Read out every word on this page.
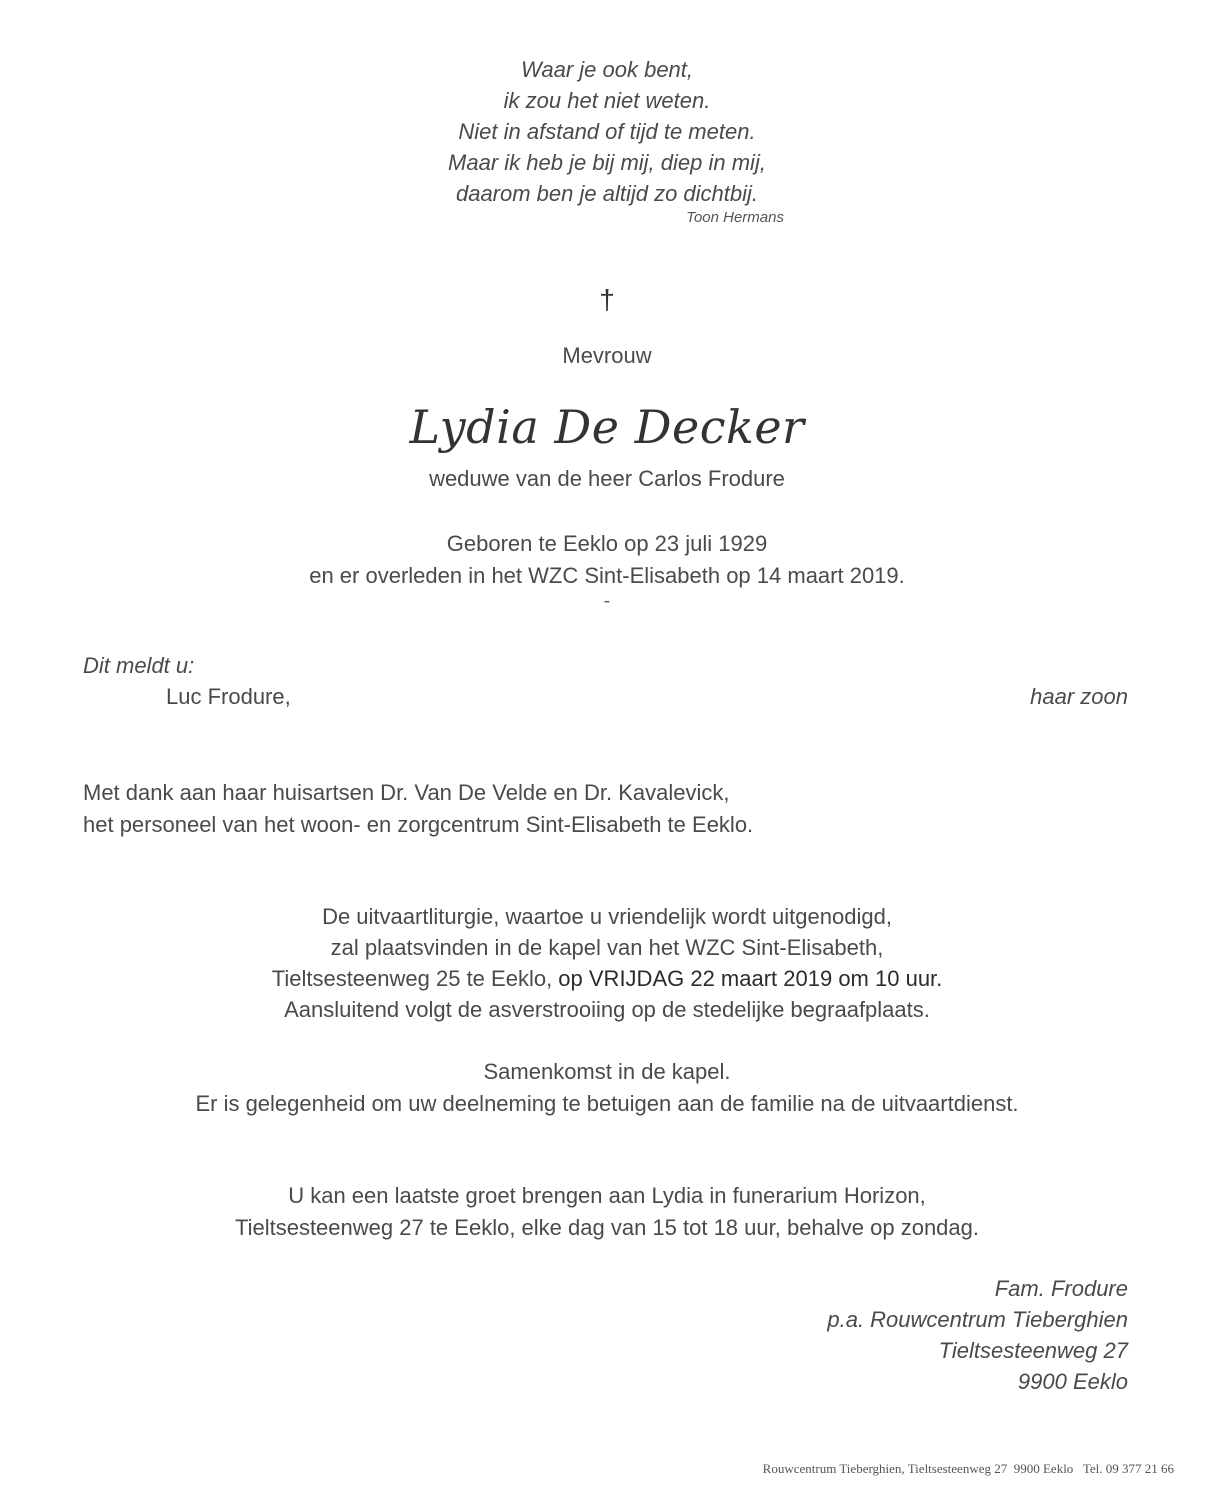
Waar je ook bent,
ik zou het niet weten.
Niet in afstand of tijd te meten.
Maar ik heb je bij mij, diep in mij,
daarom ben je altijd zo dichtbij.
Toon Hermans
†
Mevrouw
Lydia De Decker
weduwe van de heer Carlos Frodure
Geboren te Eeklo op 23 juli 1929
en er overleden in het WZC Sint-Elisabeth op 14 maart 2019.
-
Dit meldt u:
Luc Frodure,	haar zoon
Met dank aan haar huisartsen Dr. Van De Velde en Dr. Kavalevick,
het personeel van het woon- en zorgcentrum Sint-Elisabeth te Eeklo.
De uitvaartliturgie, waartoe u vriendelijk wordt uitgenodigd,
zal plaatsvinden in de kapel van het WZC Sint-Elisabeth,
Tieltsesteenweg 25 te Eeklo, op VRIJDAG 22 maart 2019 om 10 uur.
Aansluitend volgt de asverstrooiing op de stedelijke begraafplaats.
Samenkomst in de kapel.
Er is gelegenheid om uw deelneming te betuigen aan de familie na de uitvaartdienst.
U kan een laatste groet brengen aan Lydia in funerarium Horizon,
Tieltsesteenweg 27 te Eeklo, elke dag van 15 tot 18 uur, behalve op zondag.
Fam. Frodure
p.a. Rouwcentrum Tieberghien
Tieltsesteenweg 27
9900 Eeklo
Rouwcentrum Tieberghien, Tieltsesteenweg 27  9900 Eeklo   Tel. 09 377 21 66
